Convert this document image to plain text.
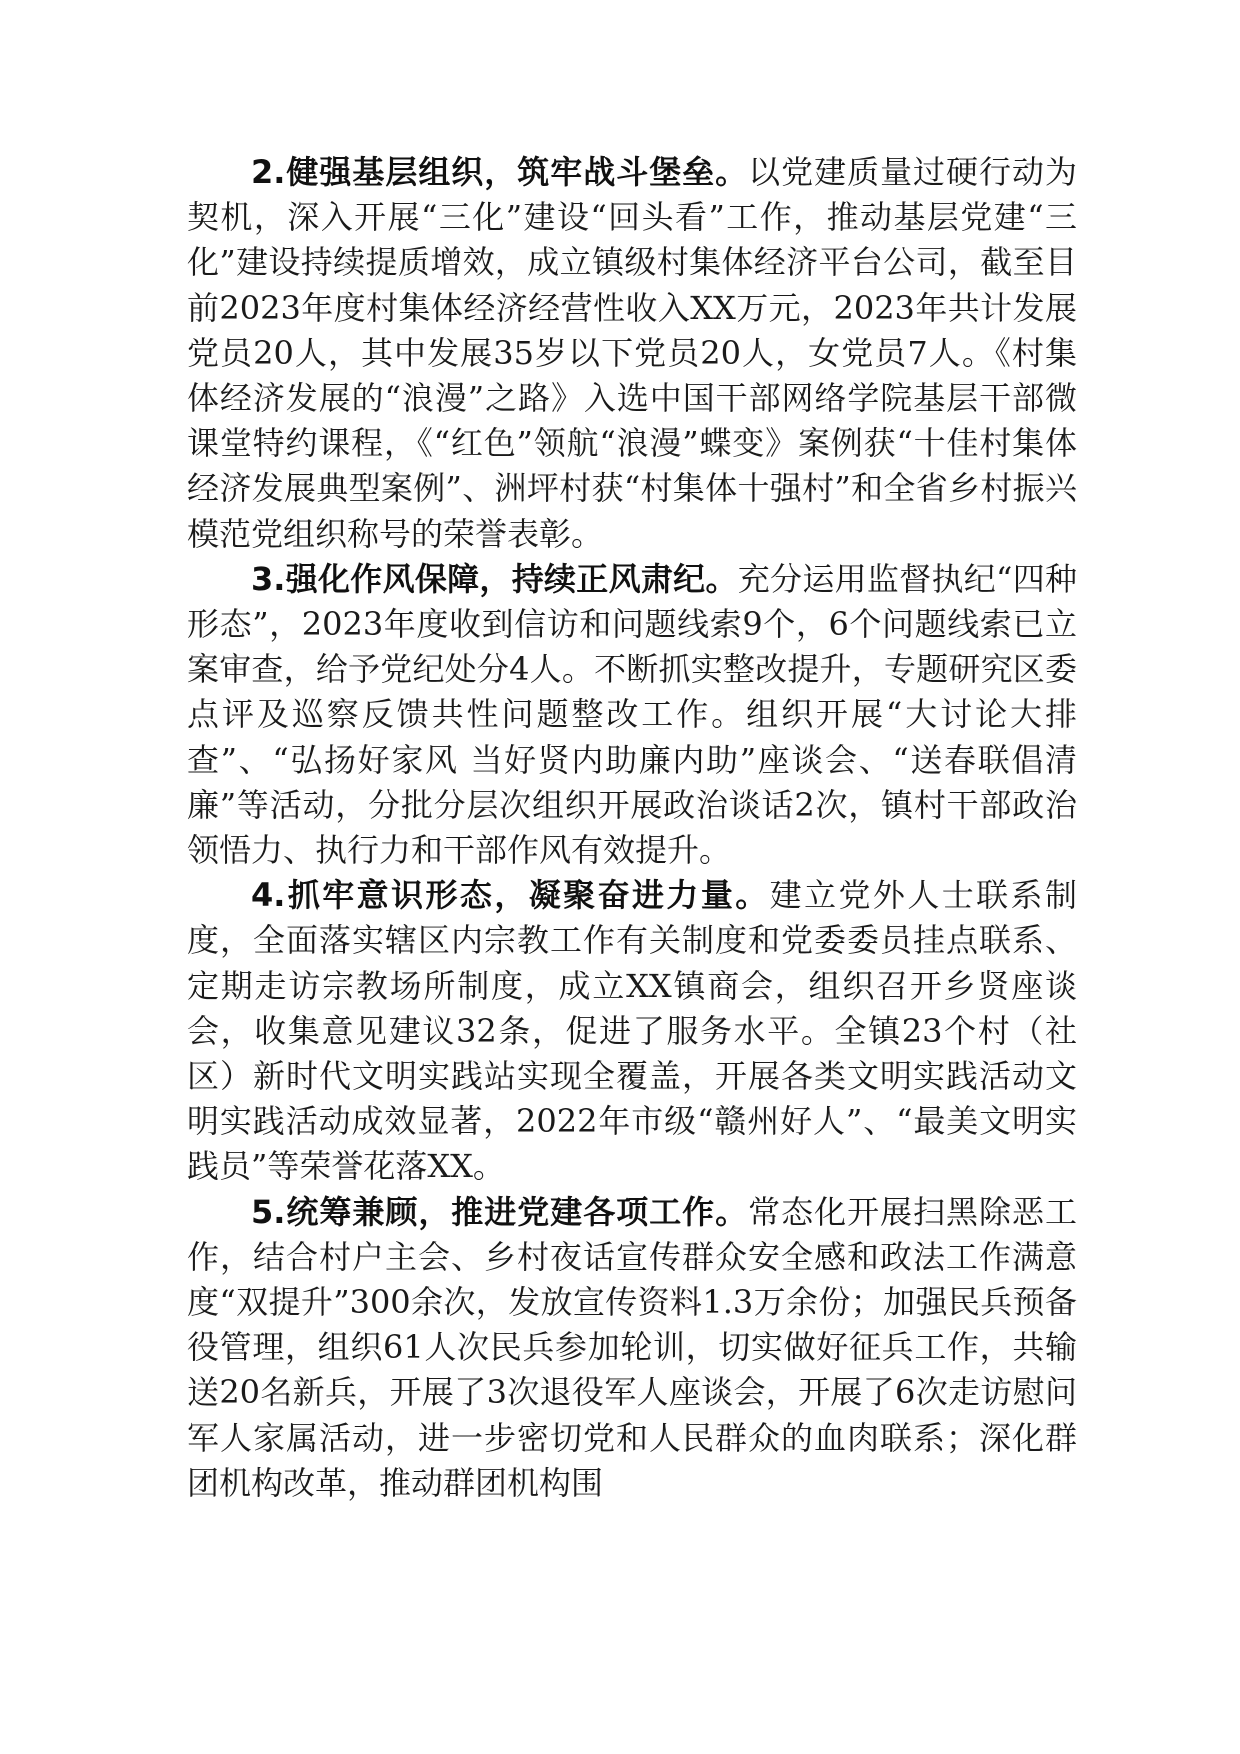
2.健强基层组织，筑牢战斗堡垒。以党建质量过硬行动为契机，深入开展“三化”建设“回头看”工作，推动基层党建“三化”建设持续提质增效，成立镇级村集体经济平台公司，截至目前2023年度村集体经济经营性收入XX万元，2023年共计发展党员20人，其中发展35岁以下党员20人，女党员7人。《村集体经济发展的“浪漫”之路》入选中国干部网络学院基层干部微课堂特约课程，《“红色”领航“浪漫”蝶变》案例获“十佳村集体经济发展典型案例”、洲坪村获“村集体十强村”和全省乡村振兴模范党组织称号的荣誉表彰。

3.强化作风保障，持续正风肃纪。充分运用监督执纪“四种形态”，2023年度收到信访和问题线索9个，6个问题线索已立案审查，给予党纪处分4人。不断抓实整改提升，专题研究区委点评及巡察反馈共性问题整改工作。组织开展“大讨论大排查”、“弘扬好家风 当好贤内助廉内助”座谈会、“送春联倡清廉”等活动，分批分层次组织开展政治谈话2次，镇村干部政治领悟力、执行力和干部作风有效提升。

4.抓牢意识形态，凝聚奋进力量。建立党外人士联系制度，全面落实辖区内宗教工作有关制度和党委委员挂点联系、定期走访宗教场所制度，成立XX镇商会，组织召开乡贤座谈会，收集意见建议32条，促进了服务水平。全镇23个村（社区）新时代文明实践站实现全覆盖，开展各类文明实践活动文明实践活动成效显著，2022年市级“赣州好人”、“最美文明实践员”等荣誉花落XX。

5.统筹兼顾，推进党建各项工作。常态化开展扫黑除恶工作，结合村户主会、乡村夜话宣传群众安全感和政法工作满意度“双提升”300余次，发放宣传资料1.3万余份；加强民兵预备役管理，组织61人次民兵参加轮训，切实做好征兵工作，共输送20名新兵，开展了3次退役军人座谈会，开展了6次走访慰问军人家属活动，进一步密切党和人民群众的血肉联系；深化群团机构改革，推动群团机构围
